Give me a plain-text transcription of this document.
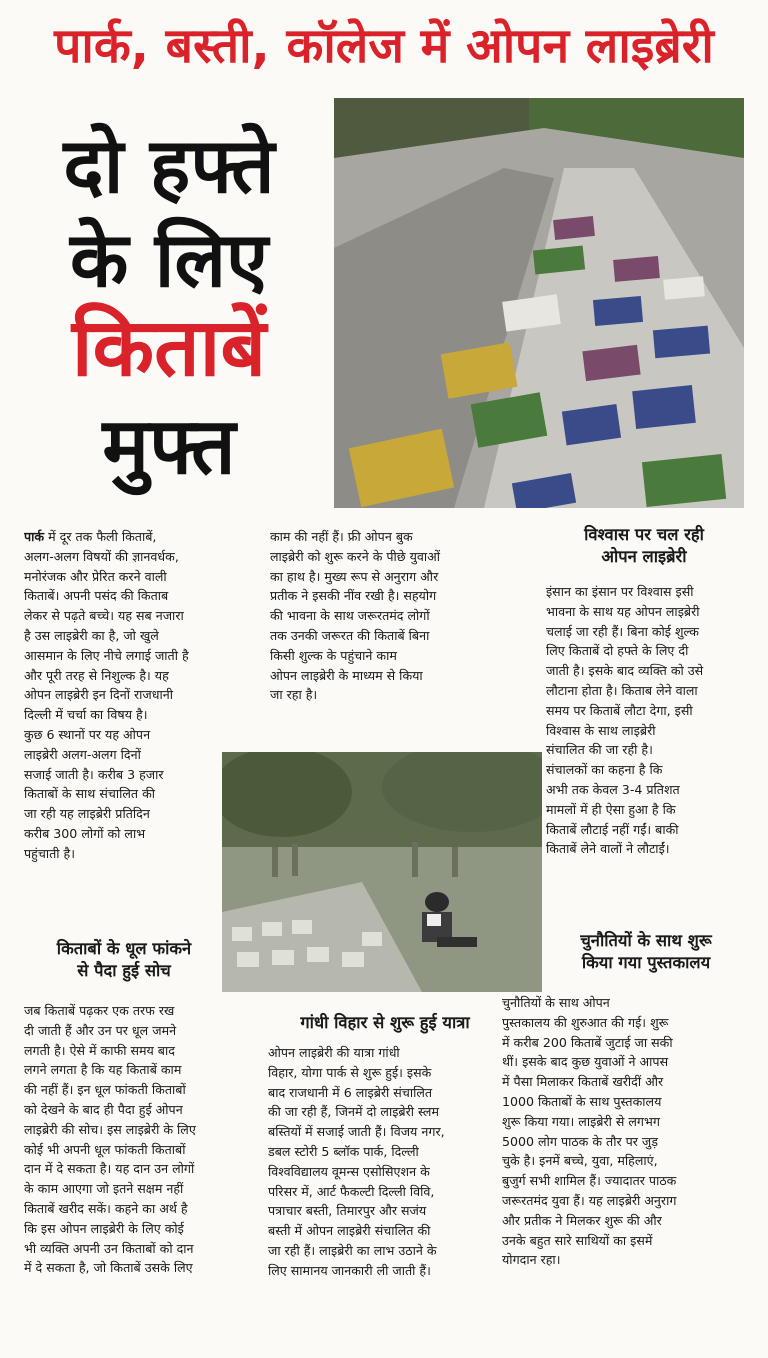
पार्क, बस्ती, कॉलेज में ओपन लाइब्रेरी
दो हफ्ते
के लिए
किताबें
मुफ्त
पार्क में दूर तक फैली किताबें,
अलग-अलग विषयों की ज्ञानवर्धक,
मनोरंजक और प्रेरित करने वाली
किताबें। अपनी पसंद की किताब
लेकर से पढ़ते बच्चे। यह सब नजारा
है उस लाइब्रेरी का है, जो खुले
आसमान के लिए नीचे लगाई जाती है
और पूरी तरह से निशुल्क है। यह
ओपन लाइब्रेरी इन दिनों राजधानी
दिल्ली में चर्चा का विषय है।
कुछ 6 स्थानों पर यह ओपन
लाइब्रेरी अलग-अलग दिनों
सजाई जाती है। करीब 3 हजार
किताबों के साथ संचालित की
जा रही यह लाइब्रेरी प्रतिदिन
करीब 300 लोगों को लाभ
पहुंचाती है।
किताबों के धूल फांकने
से पैदा हुई सोच
जब किताबें पढ़कर एक तरफ रख
दी जाती हैं और उन पर धूल जमने
लगती है। ऐसे में काफी समय बाद
लगने लगता है कि यह किताबें काम
की नहीं हैं। इन धूल फांकती किताबों
को देखने के बाद ही पैदा हुई ओपन
लाइब्रेरी की सोच। इस लाइब्रेरी के लिए
कोई भी अपनी धूल फांकती किताबों
दान में दे सकता है। यह दान उन लोगों
के काम आएगा जो इतने सक्षम नहीं
किताबें खरीद सकें। कहने का अर्थ है
कि इस ओपन लाइब्रेरी के लिए कोई
भी व्यक्ति अपनी उन किताबों को दान
में दे सकता है, जो किताबें उसके लिए
काम की नहीं हैं। फ्री ओपन बुक
लाइब्रेरी को शुरू करने के पीछे युवाओं
का हाथ है। मुख्य रूप से अनुराग और
प्रतीक ने इसकी नींव रखी है। सहयोग
की भावना के साथ जरूरतमंद लोगों
तक उनकी जरूरत की किताबें बिना
किसी शुल्क के पहुंचाने काम
ओपन लाइब्रेरी के माध्यम से किया
जा रहा है।
गांधी विहार से शुरू हुई यात्रा
ओपन लाइब्रेरी की यात्रा गांधी
विहार, योगा पार्क से शुरू हुई। इसके
बाद राजधानी में 6 लाइब्रेरी संचालित
की जा रही हैं, जिनमें दो लाइब्रेरी स्लम
बस्तियों में सजाई जाती हैं। विजय नगर,
डबल स्टोरी 5 ब्लॉक पार्क, दिल्ली
विश्वविद्यालय वूमन्स एसोसिएशन के
परिसर में, आर्ट फैकल्टी दिल्ली विवि,
पत्राचार बस्ती, तिमारपुर और सजंय
बस्ती में ओपन लाइब्रेरी संचालित की
जा रही हैं। लाइब्रेरी का लाभ उठाने के
लिए सामानय जानकारी ली जाती हैं।
विश्वास पर चल रही
ओपन लाइब्रेरी
इंसान का इंसान पर विश्वास इसी
भावना के साथ यह ओपन लाइब्रेरी
चलाई जा रही हैं। बिना कोई शुल्क
लिए किताबें दो हफ्ते के लिए दी
जाती है। इसके बाद व्यक्ति को उसे
लौटाना होता है। किताब लेने वाला
समय पर किताबें लौटा देगा, इसी
विश्वास के साथ लाइब्रेरी
संचालित की जा रही है।
संचालकों का कहना है कि
अभी तक केवल 3-4 प्रतिशत
मामलों में ही ऐसा हुआ है कि
किताबें लौटाई नहीं गईं। बाकी
किताबें लेने वालों ने लौटाईं।
चुनौतियों के साथ शुरू
किया गया पुस्तकालय
चुनौतियों के साथ ओपन
पुस्तकालय की शुरुआत की गई। शुरू
में करीब 200 किताबें जुटाई जा सकी
थीं। इसके बाद कुछ युवाओं ने आपस
में पैसा मिलाकर किताबें खरीदीं और
1000 किताबों के साथ पुस्तकालय
शुरू किया गया। लाइब्रेरी से लगभग
5000 लोग पाठक के तौर पर जुड़
चुके है। इनमें बच्चे, युवा, महिलाएं,
बुजुर्ग सभी शामिल हैं। ज्यादातर पाठक
जरूरतमंद युवा हैं। यह लाइब्रेरी अनुराग
और प्रतीक ने मिलकर शुरू की और
उनके बहुत सारे साथियों का इसमें
योगदान रहा।
